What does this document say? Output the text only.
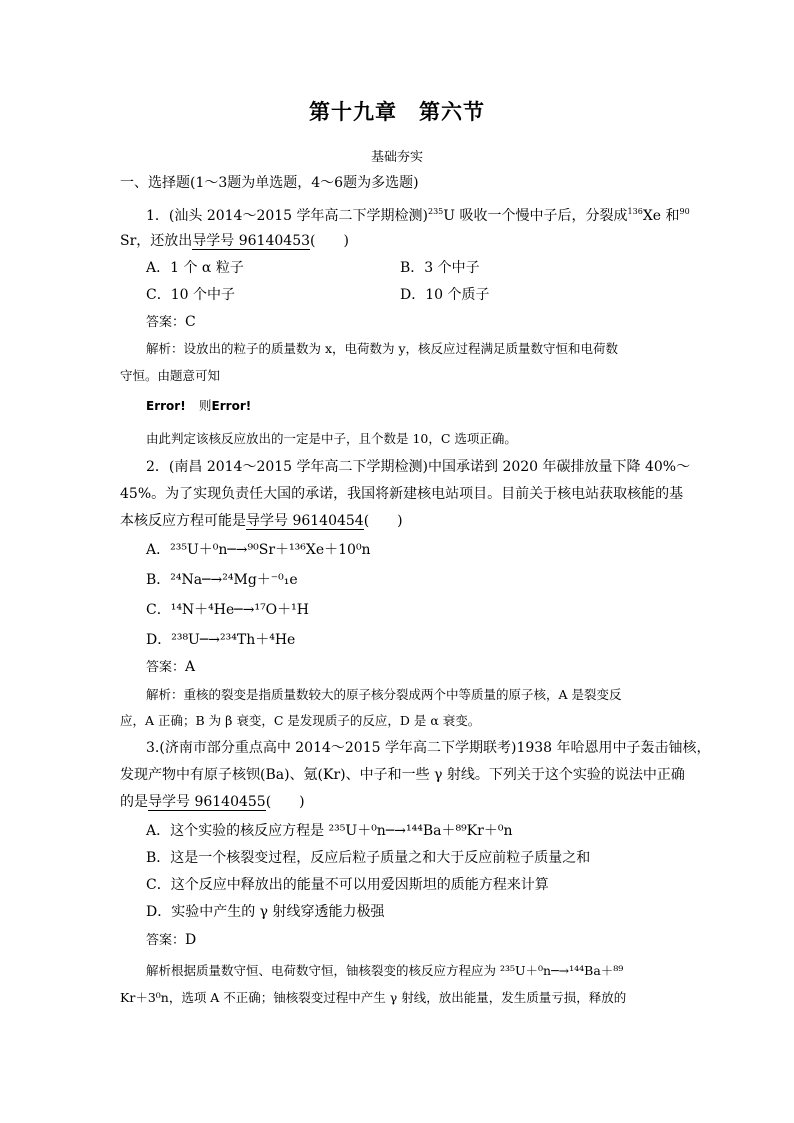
第十九章　第六节
基础夯实
一、选择题(1～3题为单选题，4～6题为多选题)
1．(汕头 2014～2015 学年高二下学期检测)$^{235}$U 吸收一个慢中子后，分裂成$^{136}$Xe 和$^{90}$
Sr，还放出导学号 96140453(　　)
A．1 个 α 粒子	B．3 个中子
C．10 个中子	D．10 个质子
答案：C
解析：设放出的粒子的质量数为 x，电荷数为 y，核反应过程满足质量数守恒和电荷数
守恒。由题意可知
Error! 则Error!
由此判定该核反应放出的一定是中子，且个数是 10，C 选项正确。
2．(南昌 2014～2015 学年高二下学期检测)中国承诺到 2020 年碳排放量下降 40%～
45%。为了实现负责任大国的承诺，我国将新建核电站项目。目前关于核电站获取核能的基
本核反应方程可能是导学号 96140454(　　)
A．²³⁵U＋⁰n─→⁹⁰Sr＋¹³⁶Xe＋10⁰n
B．²⁴Na─→²⁴Mg＋⁻⁰₁e
C．¹⁴N＋⁴He─→¹⁷O＋¹H
D．²³⁸U─→²³⁴Th＋⁴He
答案：A
解析：重核的裂变是指质量数较大的原子核分裂成两个中等质量的原子核，A 是裂变反
应，A 正确；B 为 β 衰变，C 是发现质子的反应，D 是 α 衰变。
3.(济南市部分重点高中 2014～2015 学年高二下学期联考)1938 年哈恩用中子轰击铀核，
发现产物中有原子核钡(Ba)、氪(Kr)、中子和一些 γ 射线。下列关于这个实验的说法中正确
的是导学号 96140455(　　)
A．这个实验的核反应方程是 ²³⁵U＋⁰n─→¹⁴⁴Ba＋⁸⁹Kr＋⁰n
B．这是一个核裂变过程，反应后粒子质量之和大于反应前粒子质量之和
C．这个反应中释放出的能量不可以用爱因斯坦的质能方程来计算
D．实验中产生的 γ 射线穿透能力极强
答案：D
解析根据质量数守恒、电荷数守恒，铀核裂变的核反应方程应为 ²³⁵U＋⁰n─→¹⁴⁴Ba＋⁸⁹
Kr＋3⁰n，选项 A 不正确；铀核裂变过程中产生 γ 射线，放出能量，发生质量亏损，释放的
